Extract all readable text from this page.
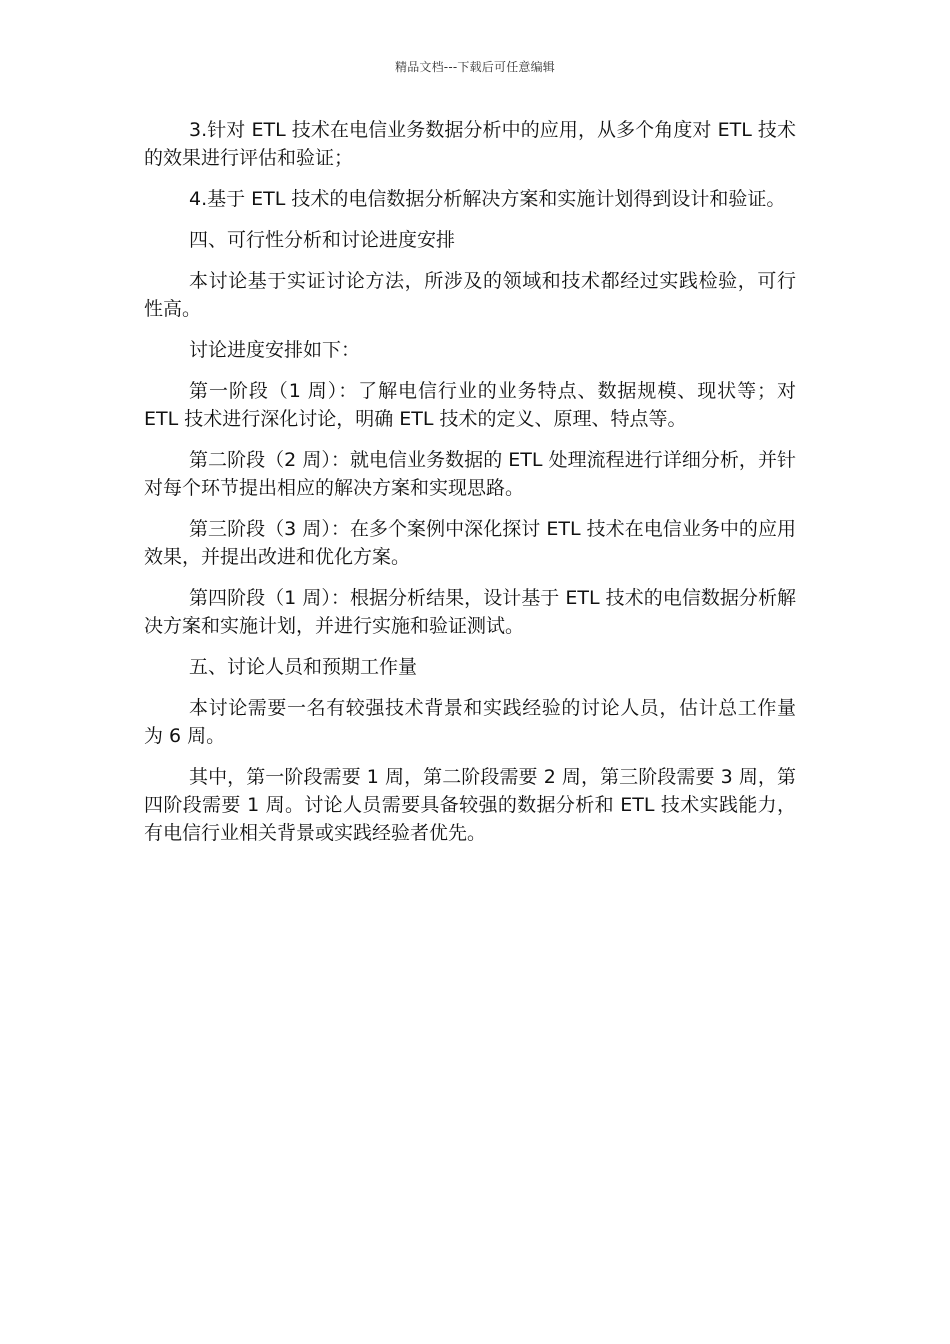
精品文档---下载后可任意编辑

3.针对 ETL 技术在电信业务数据分析中的应用，从多个角度对 ETL 技术的效果进行评估和验证；

4.基于 ETL 技术的电信数据分析解决方案和实施计划得到设计和验证。

四、可行性分析和讨论进度安排

本讨论基于实证讨论方法，所涉及的领域和技术都经过实践检验，可行性高。

讨论进度安排如下：

第一阶段（1 周）：了解电信行业的业务特点、数据规模、现状等；对 ETL 技术进行深化讨论，明确 ETL 技术的定义、原理、特点等。

第二阶段（2 周）：就电信业务数据的 ETL 处理流程进行详细分析，并针对每个环节提出相应的解决方案和实现思路。

第三阶段（3 周）：在多个案例中深化探讨 ETL 技术在电信业务中的应用效果，并提出改进和优化方案。

第四阶段（1 周）：根据分析结果，设计基于 ETL 技术的电信数据分析解决方案和实施计划，并进行实施和验证测试。

五、讨论人员和预期工作量

本讨论需要一名有较强技术背景和实践经验的讨论人员，估计总工作量为 6 周。

其中，第一阶段需要 1 周，第二阶段需要 2 周，第三阶段需要 3 周，第四阶段需要 1 周。讨论人员需要具备较强的数据分析和 ETL 技术实践能力，有电信行业相关背景或实践经验者优先。
